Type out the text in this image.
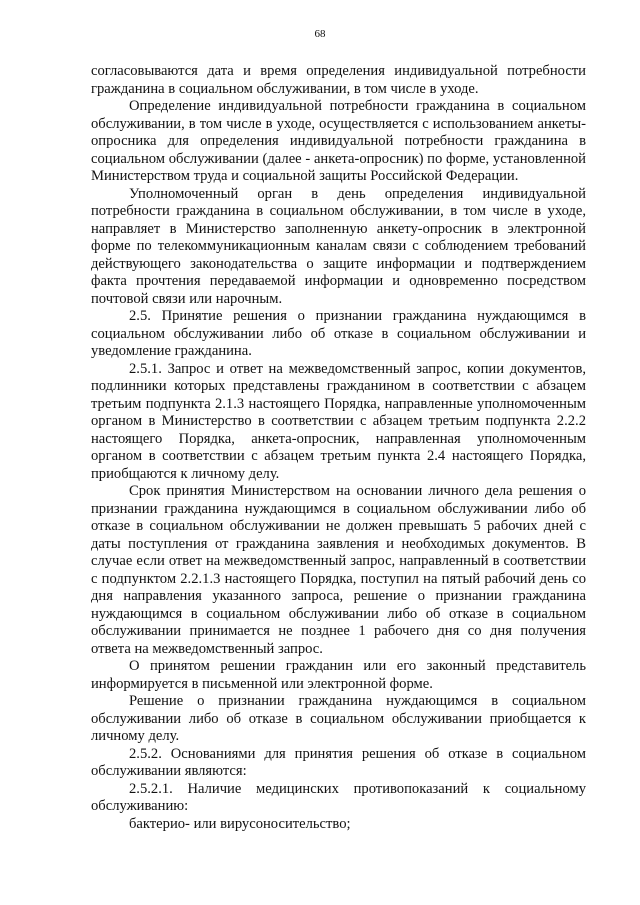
68

согласовываются дата и время определения индивидуальной потребности гражданина в социальном обслуживании, в том числе в уходе.

Определение индивидуальной потребности гражданина в социальном обслуживании, в том числе в уходе, осуществляется с использованием анкеты-опросника для определения индивидуальной потребности гражданина в социальном обслуживании (далее - анкета-опросник) по форме, установленной Министерством труда и социальной защиты Российской Федерации.

Уполномоченный орган в день определения индивидуальной потребности гражданина в социальном обслуживании, в том числе в уходе, направляет в Министерство заполненную анкету-опросник в электронной форме по телекоммуникационным каналам связи с соблюдением требований действующего законодательства о защите информации и подтверждением факта прочтения передаваемой информации и одновременно посредством почтовой связи или нарочным.

2.5. Принятие решения о признании гражданина нуждающимся в социальном обслуживании либо об отказе в социальном обслуживании и уведомление гражданина.

2.5.1. Запрос и ответ на межведомственный запрос, копии документов, подлинники которых представлены гражданином в соответствии с абзацем третьим подпункта 2.1.3 настоящего Порядка, направленные уполномоченным органом в Министерство в соответствии с абзацем третьим подпункта 2.2.2 настоящего Порядка, анкета-опросник, направленная уполномоченным органом в соответствии с абзацем третьим пункта 2.4 настоящего Порядка, приобщаются к личному делу.

Срок принятия Министерством на основании личного дела решения о признании гражданина нуждающимся в социальном обслуживании либо об отказе в социальном обслуживании не должен превышать 5 рабочих дней с даты поступления от гражданина заявления и необходимых документов. В случае если ответ на межведомственный запрос, направленный в соответствии с подпунктом 2.2.1.3 настоящего Порядка, поступил на пятый рабочий день со дня направления указанного запроса, решение о признании гражданина нуждающимся в социальном обслуживании либо об отказе в социальном обслуживании принимается не позднее 1 рабочего дня со дня получения ответа на межведомственный запрос.

О принятом решении гражданин или его законный представитель информируется в письменной или электронной форме.

Решение о признании гражданина нуждающимся в социальном обслуживании либо об отказе в социальном обслуживании приобщается к личному делу.

2.5.2. Основаниями для принятия решения об отказе в социальном обслуживании являются:

2.5.2.1. Наличие медицинских противопоказаний к социальному обслуживанию:

бактерио- или вирусоносительство;
